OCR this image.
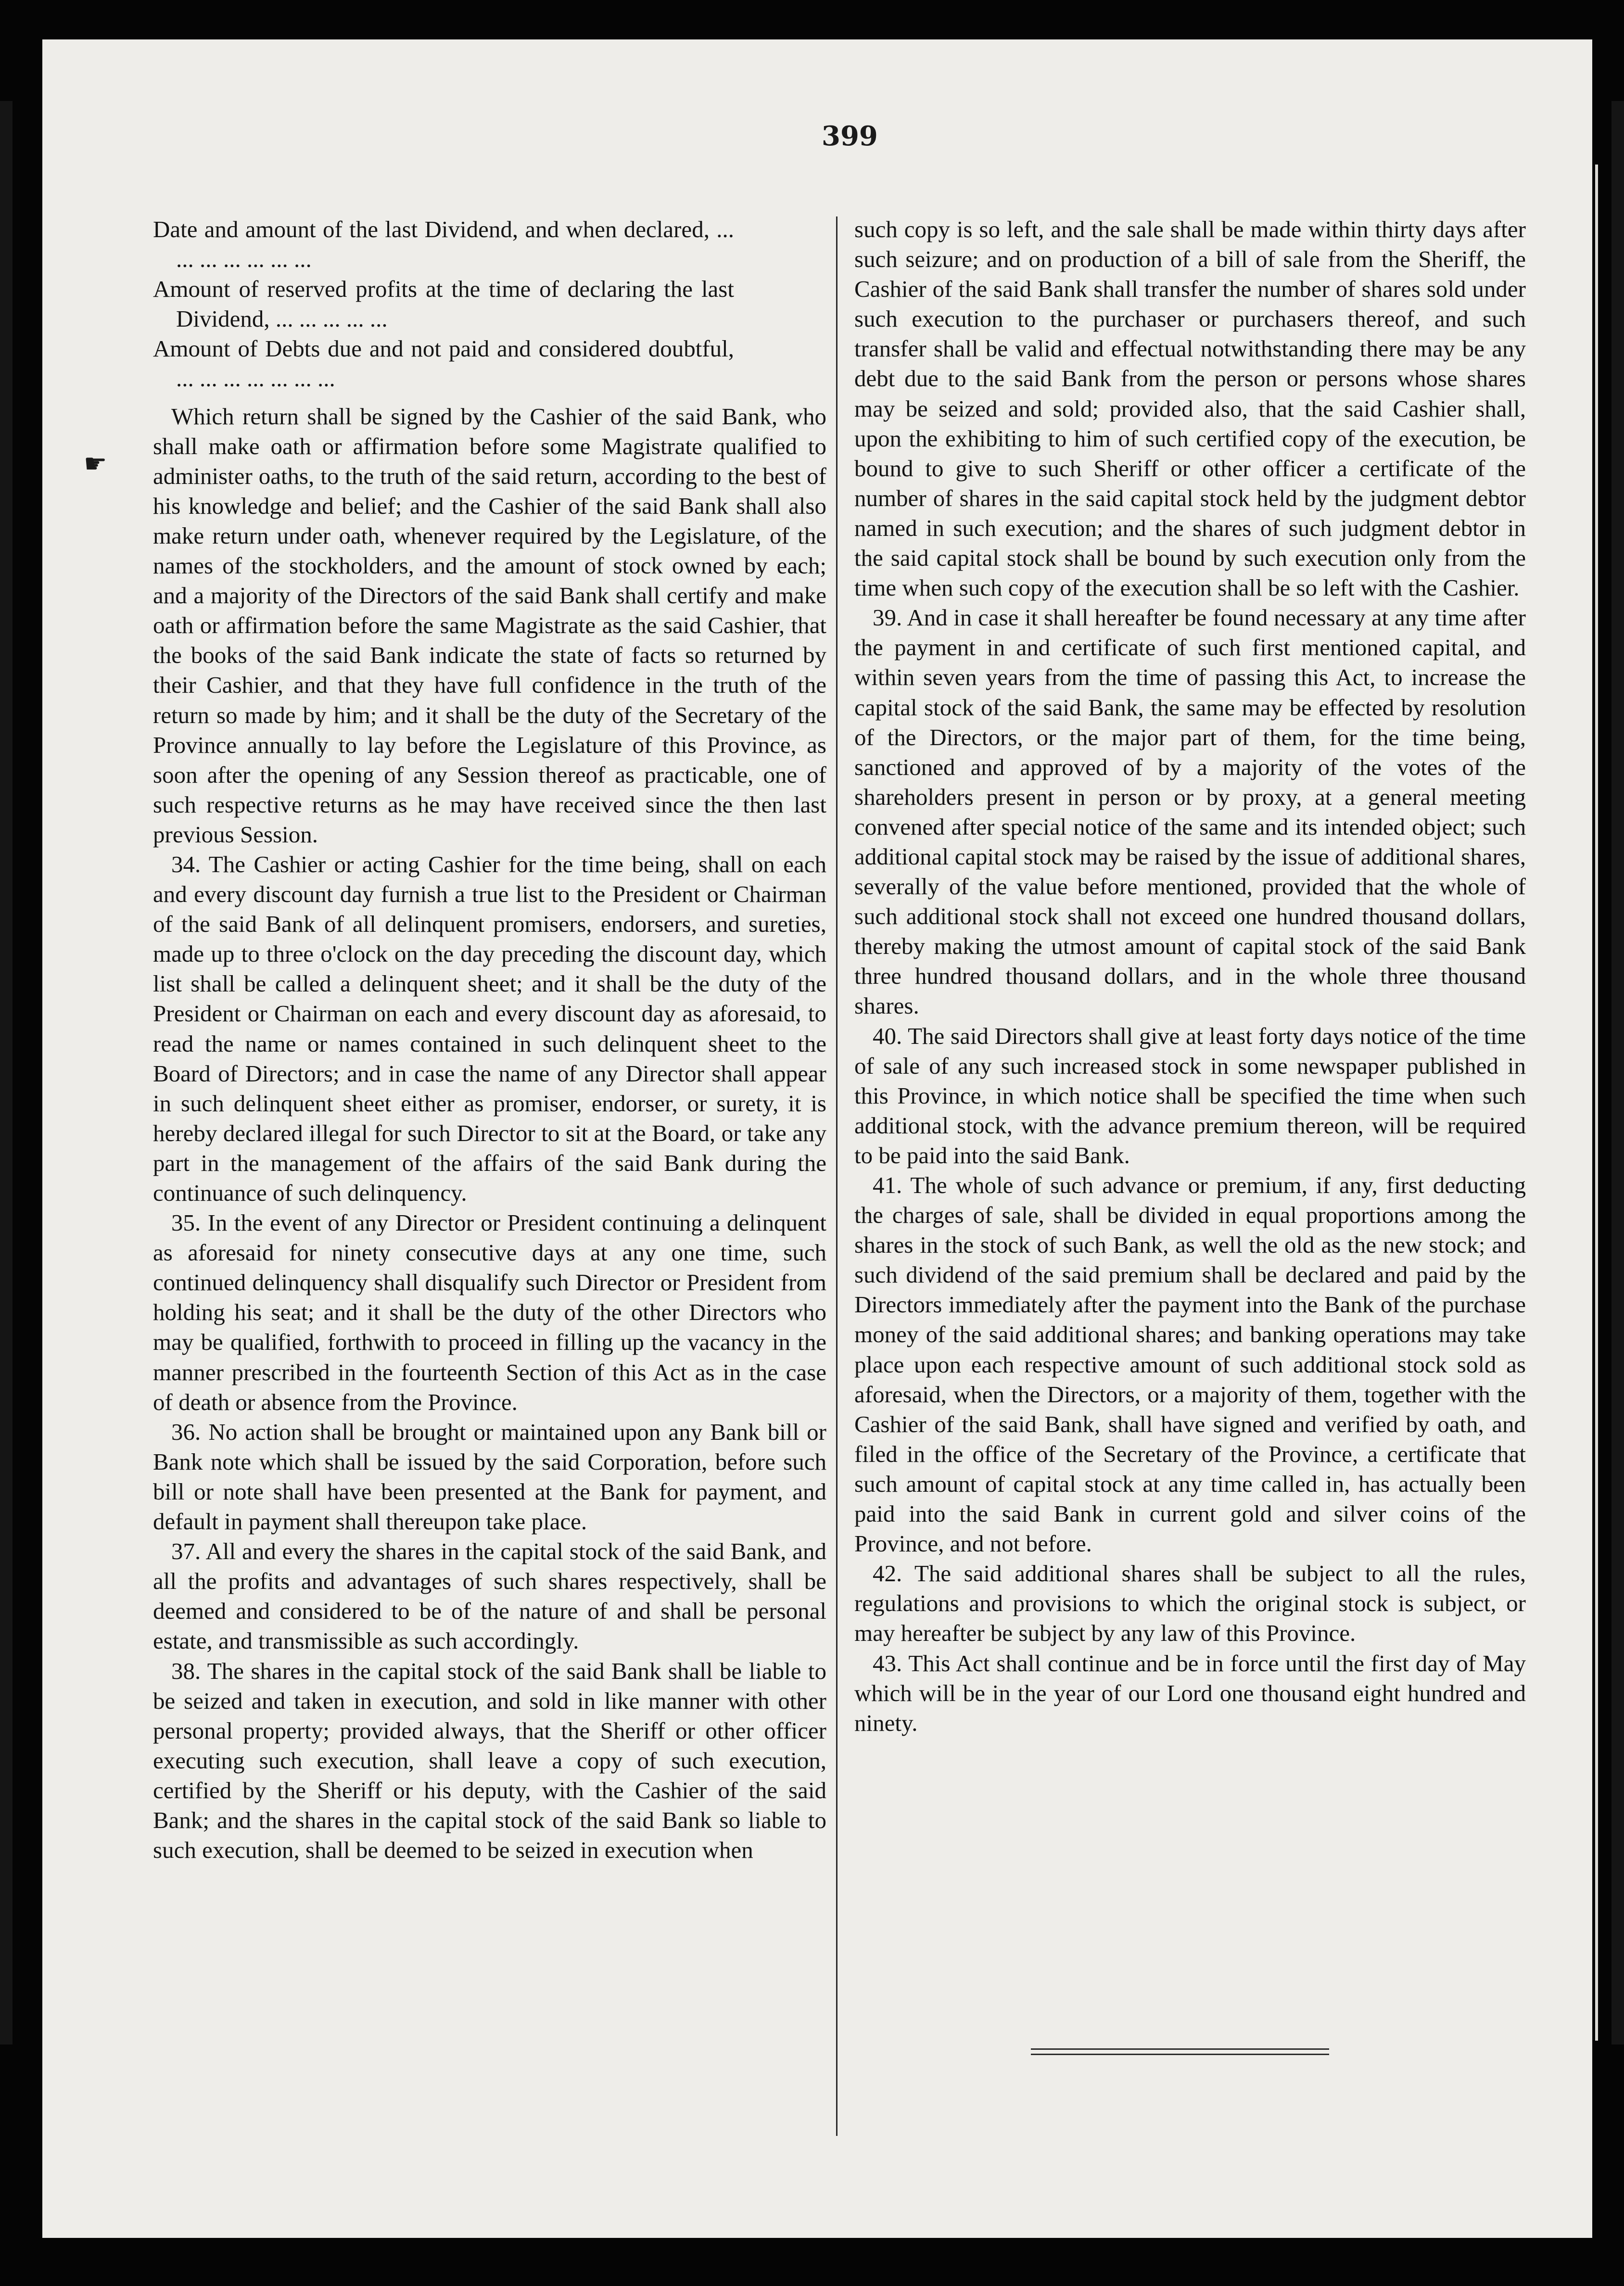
399
☛

Date and amount of the last Dividend, and when declared, ... ... ... ... ... ... ...

Amount of reserved profits at the time of declaring the last Dividend, ... ... ... ... ...

Amount of Debts due and not paid and considered doubtful, ... ... ... ... ... ... ...

Which return shall be signed by the Cashier of the said Bank, who shall make oath or affirmation before some Magistrate qualified to administer oaths, to the truth of the said return, according to the best of his knowledge and belief; and the Cashier of the said Bank shall also make return under oath, whenever required by the Legislature, of the names of the stockholders, and the amount of stock owned by each; and a majority of the Directors of the said Bank shall certify and make oath or affirmation before the same Magistrate as the said Cashier, that the books of the said Bank indicate the state of facts so returned by their Cashier, and that they have full confidence in the truth of the return so made by him; and it shall be the duty of the Secretary of the Province annually to lay before the Legislature of this Province, as soon after the opening of any Session thereof as practicable, one of such respective returns as he may have received since the then last previous Session.

34. The Cashier or acting Cashier for the time being, shall on each and every discount day furnish a true list to the President or Chairman of the said Bank of all delinquent promisers, endorsers, and sureties, made up to three o'clock on the day preceding the discount day, which list shall be called a delinquent sheet; and it shall be the duty of the President or Chairman on each and every discount day as aforesaid, to read the name or names contained in such delinquent sheet to the Board of Directors; and in case the name of any Director shall appear in such delinquent sheet either as promiser, endorser, or surety, it is hereby declared illegal for such Director to sit at the Board, or take any part in the management of the affairs of the said Bank during the continuance of such delinquency.

35. In the event of any Director or President continuing a delinquent as aforesaid for ninety consecutive days at any one time, such continued delinquency shall disqualify such Director or President from holding his seat; and it shall be the duty of the other Directors who may be qualified, forthwith to proceed in filling up the vacancy in the manner prescribed in the fourteenth Section of this Act as in the case of death or absence from the Province.

36. No action shall be brought or maintained upon any Bank bill or Bank note which shall be issued by the said Corporation, before such bill or note shall have been presented at the Bank for payment, and default in payment shall thereupon take place.

37. All and every the shares in the capital stock of the said Bank, and all the profits and advantages of such shares respectively, shall be deemed and considered to be of the nature of and shall be personal estate, and transmissible as such accordingly.

38. The shares in the capital stock of the said Bank shall be liable to be seized and taken in execution, and sold in like manner with other personal property; provided always, that the Sheriff or other officer executing such execution, shall leave a copy of such execution, certified by the Sheriff or his deputy, with the Cashier of the said Bank; and the shares in the capital stock of the said Bank so liable to such execution, shall be deemed to be seized in execution when

such copy is so left, and the sale shall be made within thirty days after such seizure; and on production of a bill of sale from the Sheriff, the Cashier of the said Bank shall transfer the number of shares sold under such execution to the purchaser or purchasers thereof, and such transfer shall be valid and effectual notwithstanding there may be any debt due to the said Bank from the person or persons whose shares may be seized and sold; provided also, that the said Cashier shall, upon the exhibiting to him of such certified copy of the execution, be bound to give to such Sheriff or other officer a certificate of the number of shares in the said capital stock held by the judgment debtor named in such execution; and the shares of such judgment debtor in the said capital stock shall be bound by such execution only from the time when such copy of the execution shall be so left with the Cashier.

39. And in case it shall hereafter be found necessary at any time after the payment in and certificate of such first mentioned capital, and within seven years from the time of passing this Act, to increase the capital stock of the said Bank, the same may be effected by resolution of the Directors, or the major part of them, for the time being, sanctioned and approved of by a majority of the votes of the shareholders present in person or by proxy, at a general meeting convened after special notice of the same and its intended object; such additional capital stock may be raised by the issue of additional shares, severally of the value before mentioned, provided that the whole of such additional stock shall not exceed one hundred thousand dollars, thereby making the utmost amount of capital stock of the said Bank three hundred thousand dollars, and in the whole three thousand shares.

40. The said Directors shall give at least forty days notice of the time of sale of any such increased stock in some newspaper published in this Province, in which notice shall be specified the time when such additional stock, with the advance premium thereon, will be required to be paid into the said Bank.

41. The whole of such advance or premium, if any, first deducting the charges of sale, shall be divided in equal proportions among the shares in the stock of such Bank, as well the old as the new stock; and such dividend of the said premium shall be declared and paid by the Directors immediately after the payment into the Bank of the purchase money of the said additional shares; and banking operations may take place upon each respective amount of such additional stock sold as aforesaid, when the Directors, or a majority of them, together with the Cashier of the said Bank, shall have signed and verified by oath, and filed in the office of the Secretary of the Province, a certificate that such amount of capital stock at any time called in, has actually been paid into the said Bank in current gold and silver coins of the Province, and not before.

42. The said additional shares shall be subject to all the rules, regulations and provisions to which the original stock is subject, or may hereafter be subject by any law of this Province.

43. This Act shall continue and be in force until the first day of May which will be in the year of our Lord one thousand eight hundred and ninety.
